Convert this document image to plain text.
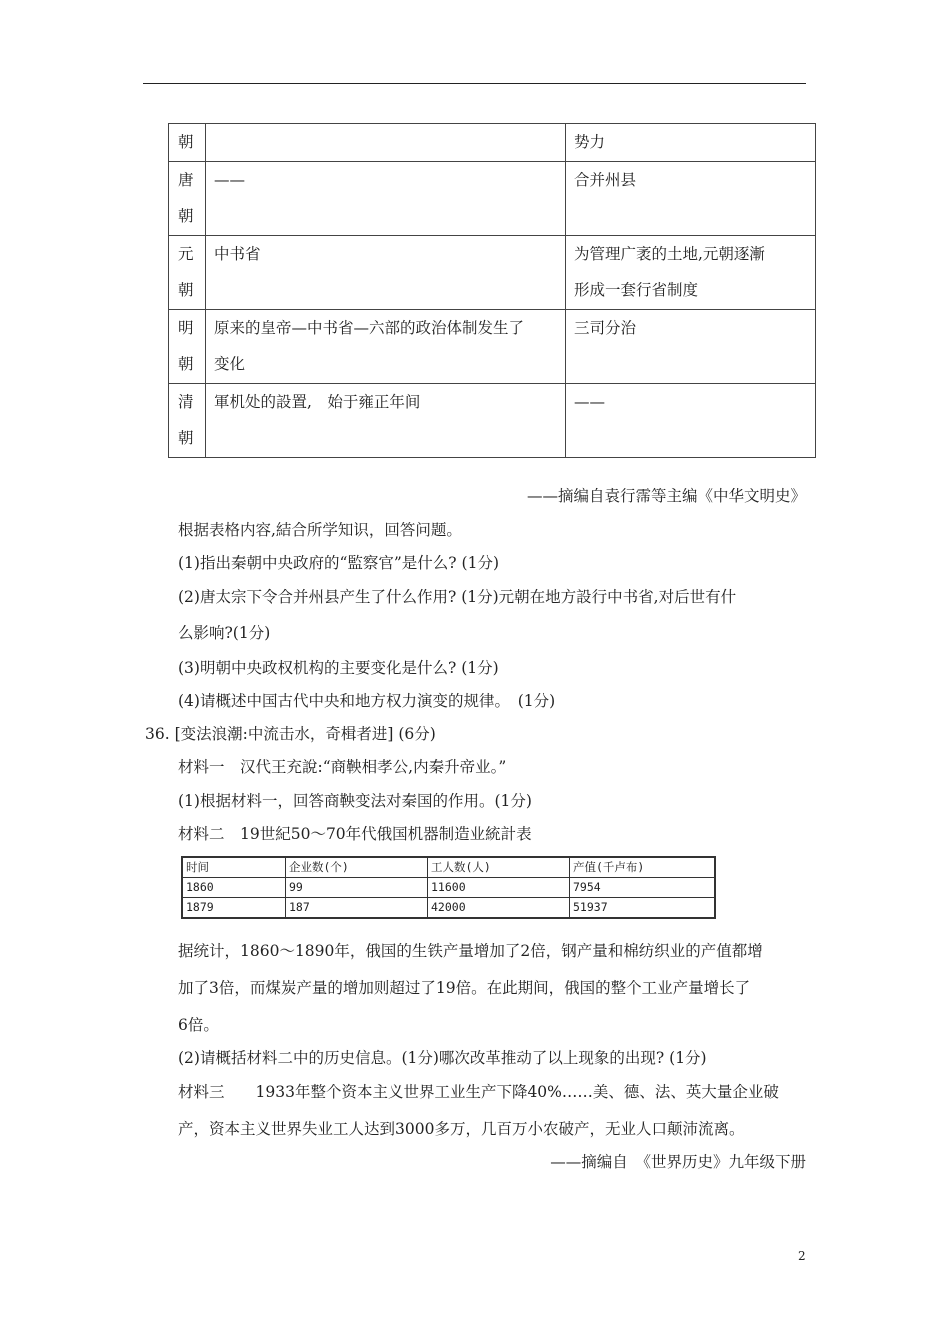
朝		势力
唐
朝	——	合并州县
元
朝	中书省	为管理广袤的土地,元朝逐漸
形成一套行省制度
明
朝	原来的皇帝—中书省—六部的政治体制发生了
变化	三司分治
清
朝	軍机处的設置,　始于雍正年间	——
——摘编自袁行霈等主编《中华文明史》
根据表格内容,結合所学知识，回答问题。
(1)指出秦朝中央政府的“監察官”是什么? (1分)
(2)唐太宗下令合并州县产生了什么作用? (1分)元朝在地方設行中书省,对后世有什
么影响?(1分)
(3)明朝中央政权机构的主要变化是什么? (1分)
(4)请概述中国古代中央和地方权力演变的规律。　(1分)
36. [变法浪潮:中流击水，奇楫者进] (6分)
材料一　汉代王充說:“商鞅相孝公,内秦升帝业。”
(1)根据材料一，回答商鞅变法对秦国的作用。(1分)
材料二　19世紀50～70年代俄国机器制造业統計表
时间	企业数(个)	工人数(人)	产值(千卢布)
1860	99	11600	7954
1879	187	42000	51937
据统计，1860～1890年，俄国的生铁产量增加了2倍，钢产量和棉纺织业的产值都增
加了3倍，而煤炭产量的增加则超过了19倍。在此期间，俄国的整个工业产量增长了
6倍。
(2)请概括材料二中的历史信息。(1分)哪次改革推动了以上现象的出现? (1分)
材料三　　1933年整个资本主义世界工业生产下降40%……美、德、法、英大量企业破
产，资本主义世界失业工人达到3000多万，几百万小农破产，无业人口颠沛流离。
——摘编自　《世界历史》九年级下册
2
